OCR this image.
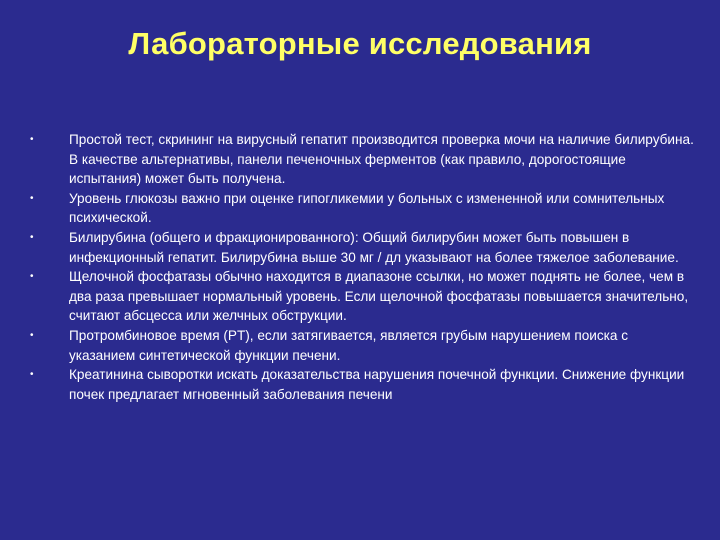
Лабораторные исследования
•	Простой тест, скрининг на вирусный гепатит производится проверка мочи на наличие билирубина. В качестве альтернативы, панели печеночных ферментов (как правило, дорогостоящие испытания) может быть получена.
•	Уровень глюкозы важно при оценке гипогликемии у больных с измененной или сомнительных психической.
•	Билирубина (общего и фракционированного): Общий билирубин может быть повышен в инфекционный гепатит. Билирубина выше 30 мг / дл указывают на более тяжелое заболевание.
•	Щелочной фосфатазы обычно находится в диапазоне ссылки, но может поднять не более, чем в два раза превышает нормальный уровень. Если щелочной фосфатазы повышается значительно, считают абсцесса или желчных обструкции.
•	Протромбиновое время (PT), если затягивается, является грубым нарушением поиска с указанием синтетической функции печени.
•	Креатинина сыворотки искать доказательства нарушения почечной функции. Снижение функции почек предлагает мгновенный заболевания печени
